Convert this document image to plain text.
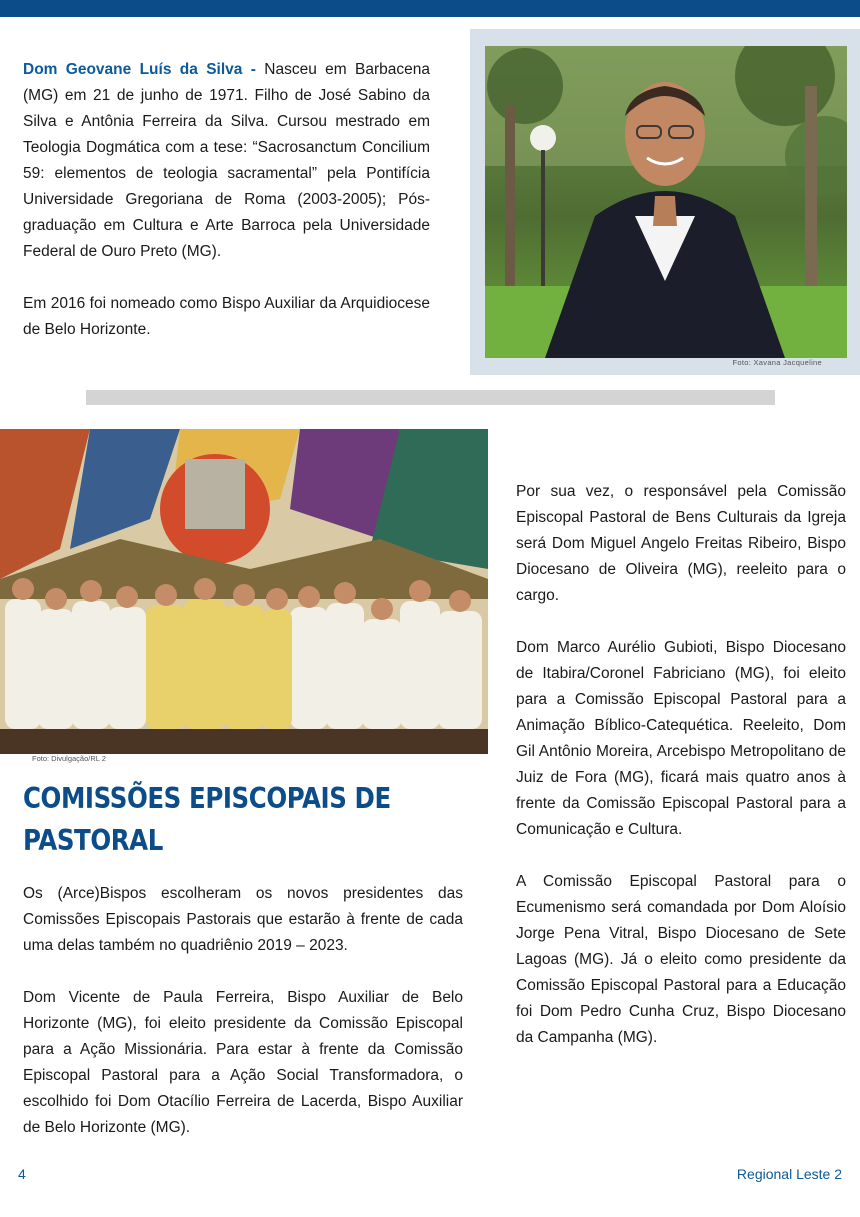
Dom Geovane Luís da Silva - Nasceu em Barbacena (MG) em 21 de junho de 1971. Filho de José Sabino da Silva e Antônia Ferreira da Silva. Cursou mestrado em Teologia Dogmática com a tese: “Sacrosanctum Concilium 59: elementos de teologia sacramental” pela Pontifícia Universidade Gregoriana de Roma (2003-2005); Pós-graduação em Cultura e Arte Barroca pela Universidade Federal de Ouro Preto (MG).

Em 2016 foi nomeado como Bispo Auxiliar da Arquidiocese de Belo Horizonte.

Foto: Xavana Jacqueline
Foto: Divulgação/RL 2
COMISSÕES EPISCOPAIS DE PASTORAL

Os (Arce)Bispos escolheram os novos presidentes das Comissões Episcopais Pastorais que estarão à frente de cada uma delas também no quadriênio 2019 – 2023.

Dom Vicente de Paula Ferreira, Bispo Auxiliar de Belo Horizonte (MG), foi eleito presidente da Comissão Episcopal para a Ação Missionária. Para estar à frente da Comissão Episcopal Pastoral para a Ação Social Transformadora, o escolhido foi Dom Otacílio Ferreira de Lacerda, Bispo Auxiliar de Belo Horizonte (MG).

Por sua vez, o responsável pela Comissão Episcopal Pastoral de Bens Culturais da Igreja será Dom Miguel Angelo Freitas Ribeiro, Bispo Diocesano de Oliveira (MG), reeleito para o cargo.

Dom Marco Aurélio Gubioti, Bispo Diocesano de Itabira/Coronel Fabriciano (MG), foi eleito para a Comissão Episcopal Pastoral para a Animação Bíblico-Catequética. Reeleito, Dom Gil Antônio Moreira, Arcebispo Metropolitano de Juiz de Fora (MG), ficará mais quatro anos à frente da Comissão Episcopal Pastoral para a Comunicação e Cultura.

A Comissão Episcopal Pastoral para o Ecumenismo será comandada por Dom Aloísio Jorge Pena Vitral, Bispo Diocesano de Sete Lagoas (MG). Já o eleito como presidente da Comissão Episcopal Pastoral para a Educação foi Dom Pedro Cunha Cruz, Bispo Diocesano da Campanha (MG).

4	Regional Leste 2
